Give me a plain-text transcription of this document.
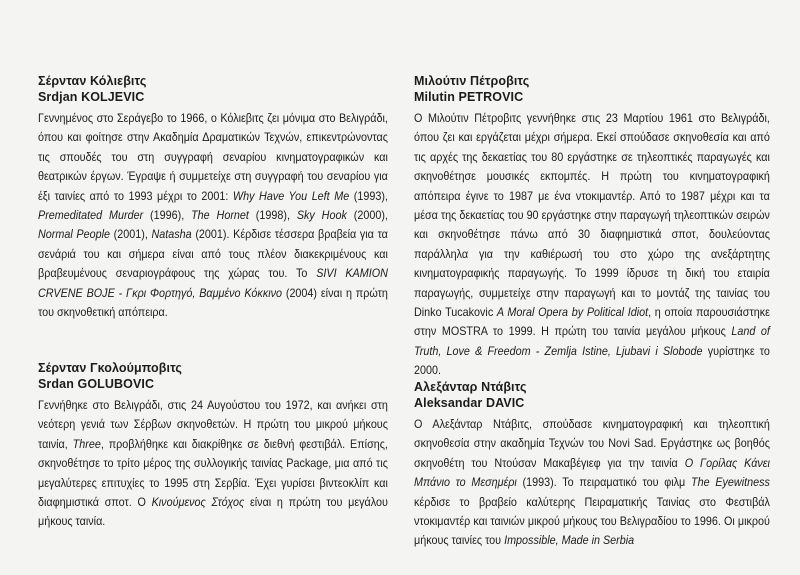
Σέρνταν Κόλιεβιτς
Srdjan KOLJEVIC
Γεννημένος στο Σεράγεβο το 1966, ο Κόλιεβιτς ζει μόνιμα στο Βελιγράδι, όπου και φοίτησε στην Ακαδημία Δραματικών Τεχνών, επικεντρώνοντας τις σπουδές του στη συγγραφή σεναρίου κινηματογραφικών και θεατρικών έργων. Έγραψε ή συμμετείχε στη συγγραφή του σεναρίου για έξι ταινίες από το 1993 μέχρι το 2001: Why Have You Left Me (1993), Premeditated Murder (1996), The Hornet (1998), Sky Hook (2000), Normal People (2001), Natasha (2001). Κέρδισε τέσσερα βραβεία για τα σενάριά του και σήμερα είναι από τους πλέον διακεκριμένους και βραβευμένους σεναριογράφους της χώρας του. Το SIVI KAMION CRVENE BOJE - Γκρι Φορτηγό, Βαμμένο Κόκκινο (2004) είναι η πρώτη του σκηνοθετική απόπειρα.
Σέρνταν Γκολούμποβιτς
Srdan GOLUBOVIC
Γεννήθηκε στο Βελιγράδι, στις 24 Αυγούστου του 1972, και ανήκει στη νεότερη γενιά των Σέρβων σκηνοθετών. Η πρώτη του μικρού μήκους ταινία, Three, προβλήθηκε και διακρίθηκε σε διεθνή φεστιβάλ. Επίσης, σκηνοθέτησε το τρίτο μέρος της συλλογικής ταινίας Package, μια από τις μεγαλύτερες επιτυχίες το 1995 στη Σερβία. Έχει γυρίσει βιντεοκλίπ και διαφημιστικά σποτ. Ο Κινούμενος Στόχος είναι η πρώτη του μεγάλου μήκους ταινία.
Μιλούτιν Πέτροβιτς
Milutin PETROVIC
Ο Μιλούτιν Πέτροβιτς γεννήθηκε στις 23 Μαρτίου 1961 στο Βελιγράδι, όπου ζει και εργάζεται μέχρι σήμερα. Εκεί σπούδασε σκηνοθεσία και από τις αρχές της δεκαετίας του 80 εργάστηκε σε τηλεοπτικές παραγωγές και σκηνοθέτησε μουσικές εκπομπές. Η πρώτη του κινηματογραφική απόπειρα έγινε το 1987 με ένα ντοκιμαντέρ. Από το 1987 μέχρι και τα μέσα της δεκαετίας του 90 εργάστηκε στην παραγωγή τηλεοπτικών σειρών και σκηνοθέτησε πάνω από 30 διαφημιστικά σποτ, δουλεύοντας παράλληλα για την καθιέρωσή του στο χώρο της ανεξάρτητης κινηματογραφικής παραγωγής. Το 1999 ίδρυσε τη δική του εταιρία παραγωγής, συμμετείχε στην παραγωγή και το μοντάζ της ταινίας του Dinko Tucakovic A Moral Opera by Political Idiot, η οποία παρουσιάστηκε στην MOSTRA το 1999. Η πρώτη του ταινία μεγάλου μήκους Land of Truth, Love & Freedom - Zemlja Istine, Ljubavi i Slobode γυρίστηκε το 2000.
Αλεξάνταρ Ντάβιτς
Aleksandar DAVIC
Ο Αλεξάνταρ Ντάβιτς, σπούδασε κινηματογραφική και τηλεοπτική σκηνοθεσία στην ακαδημία Τεχνών του Novi Sad. Εργάστηκε ως βοηθός σκηνοθέτη του Ντούσαν Μακαβέγιεφ για την ταινία Ο Γορίλας Κάνει Μπάνιο το Μεσημέρι (1993). Το πειραματικό του φιλμ The Eyewitness κέρδισε το βραβείο καλύτερης Πειραματικής Ταινίας στο Φεστιβάλ ντοκιμαντέρ και ταινιών μικρού μήκους του Βελιγραδίου το 1996. Οι μικρού μήκους ταινίες του Impossible, Made in Serbia
